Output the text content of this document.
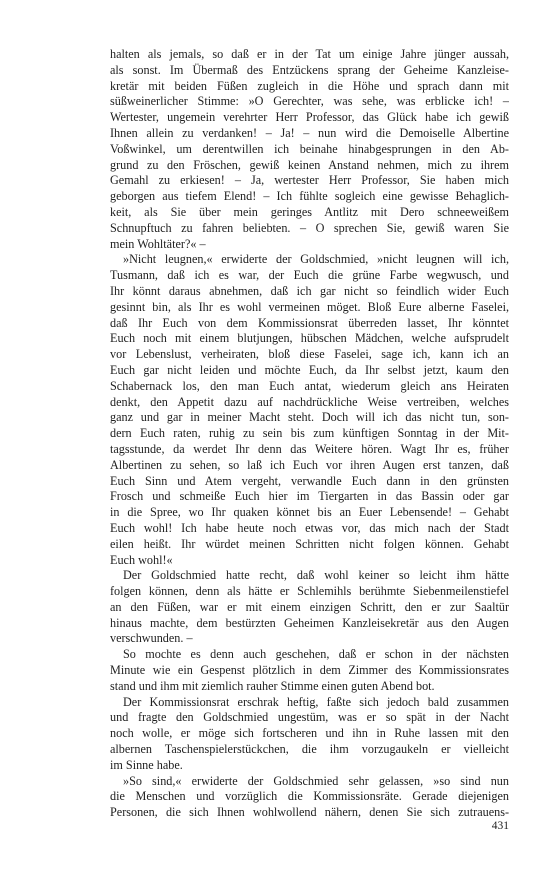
halten als jemals, so daß er in der Tat um einige Jahre jünger aussah,
als sonst. Im Übermaß des Entzückens sprang der Geheime Kanzleise-
kretär mit beiden Füßen zugleich in die Höhe und sprach dann mit
süßweinerlicher Stimme: »O Gerechter, was sehe, was erblicke ich! –
Wertester, ungemein verehrter Herr Professor, das Glück habe ich gewiß
Ihnen allein zu verdanken! – Ja! – nun wird die Demoiselle Albertine
Voßwinkel, um derentwillen ich beinahe hinabgesprungen in den Ab-
grund zu den Fröschen, gewiß keinen Anstand nehmen, mich zu ihrem
Gemahl zu erkiesen! – Ja, wertester Herr Professor, Sie haben mich
geborgen aus tiefem Elend! – Ich fühlte sogleich eine gewisse Behaglich-
keit, als Sie über mein geringes Antlitz mit Dero schneeweißem
Schnupftuch zu fahren beliebten. – O sprechen Sie, gewiß waren Sie
mein Wohltäter?« –
»Nicht leugnen,« erwiderte der Goldschmied, »nicht leugnen will ich,
Tusmann, daß ich es war, der Euch die grüne Farbe wegwusch, und
Ihr könnt daraus abnehmen, daß ich gar nicht so feindlich wider Euch
gesinnt bin, als Ihr es wohl vermeinen möget. Bloß Eure alberne Faselei,
daß Ihr Euch von dem Kommissionsrat überreden lasset, Ihr könntet
Euch noch mit einem blutjungen, hübschen Mädchen, welche aufsprudelt
vor Lebenslust, verheiraten, bloß diese Faselei, sage ich, kann ich an
Euch gar nicht leiden und möchte Euch, da Ihr selbst jetzt, kaum den
Schabernack los, den man Euch antat, wiederum gleich ans Heiraten
denkt, den Appetit dazu auf nachdrückliche Weise vertreiben, welches
ganz und gar in meiner Macht steht. Doch will ich das nicht tun, son-
dern Euch raten, ruhig zu sein bis zum künftigen Sonntag in der Mit-
tagsstunde, da werdet Ihr denn das Weitere hören. Wagt Ihr es, früher
Albertinen zu sehen, so laß ich Euch vor ihren Augen erst tanzen, daß
Euch Sinn und Atem vergeht, verwandle Euch dann in den grünsten
Frosch und schmeiße Euch hier im Tiergarten in das Bassin oder gar
in die Spree, wo Ihr quaken könnet bis an Euer Lebensende! – Gehabt
Euch wohl! Ich habe heute noch etwas vor, das mich nach der Stadt
eilen heißt. Ihr würdet meinen Schritten nicht folgen können. Gehabt
Euch wohl!«
Der Goldschmied hatte recht, daß wohl keiner so leicht ihm hätte
folgen können, denn als hätte er Schlemihls berühmte Siebenmeilenstiefel
an den Füßen, war er mit einem einzigen Schritt, den er zur Saaltür
hinaus machte, dem bestürzten Geheimen Kanzleisekretär aus den Augen
verschwunden. –
So mochte es denn auch geschehen, daß er schon in der nächsten
Minute wie ein Gespenst plötzlich in dem Zimmer des Kommissionsrates
stand und ihm mit ziemlich rauher Stimme einen guten Abend bot.
Der Kommissionsrat erschrak heftig, faßte sich jedoch bald zusammen
und fragte den Goldschmied ungestüm, was er so spät in der Nacht
noch wolle, er möge sich fortscheren und ihn in Ruhe lassen mit den
albernen Taschenspielerstückchen, die ihm vorzugaukeln er vielleicht
im Sinne habe.
»So sind,« erwiderte der Goldschmied sehr gelassen, »so sind nun
die Menschen und vorzüglich die Kommissionsräte. Gerade diejenigen
Personen, die sich Ihnen wohlwollend nähern, denen Sie sich zutrauens-
431
